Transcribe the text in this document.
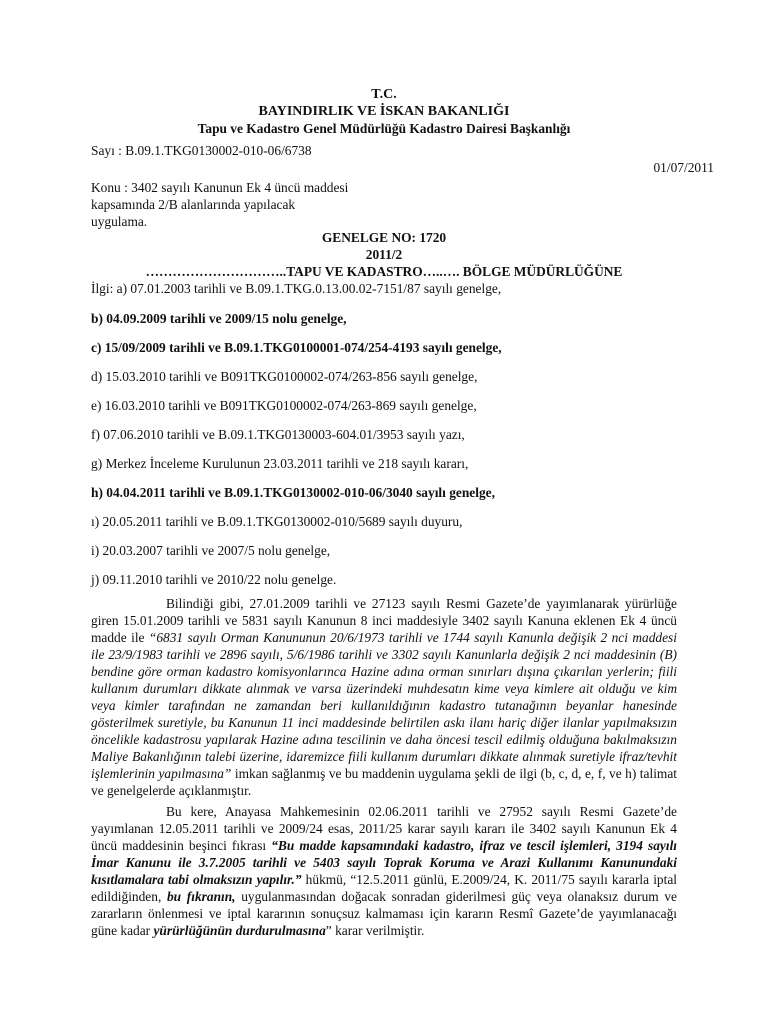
T.C.
BAYINDIRLIK VE İSKAN BAKANLIĞI
Tapu ve Kadastro Genel Müdürlüğü Kadastro Dairesi Başkanlığı
Sayı : B.09.1.TKG0130002-010-06/6738
01/07/2011
Konu : 3402 sayılı Kanunun Ek 4 üncü maddesi
kapsamında 2/B alanlarında yapılacak
uygulama.
GENELGE NO: 1720
2011/2
…………………………..TAPU VE KADASTRO…..…. BÖLGE MÜDÜRLÜĞÜNE
İlgi: a) 07.01.2003 tarihli ve B.09.1.TKG.0.13.00.02-7151/87 sayılı genelge,
b) 04.09.2009 tarihli ve 2009/15 nolu genelge,
c) 15/09/2009 tarihli ve B.09.1.TKG0100001-074/254-4193 sayılı genelge,
d) 15.03.2010 tarihli ve B091TKG0100002-074/263-856 sayılı genelge,
e) 16.03.2010 tarihli ve B091TKG0100002-074/263-869 sayılı genelge,
f) 07.06.2010 tarihli ve B.09.1.TKG0130003-604.01/3953 sayılı yazı,
g) Merkez İnceleme Kurulunun 23.03.2011 tarihli ve 218 sayılı kararı,
h) 04.04.2011 tarihli ve B.09.1.TKG0130002-010-06/3040 sayılı genelge,
ı) 20.05.2011 tarihli ve B.09.1.TKG0130002-010/5689 sayılı duyuru,
i) 20.03.2007 tarihli ve 2007/5 nolu genelge,
j) 09.11.2010 tarihli ve 2010/22 nolu genelge.

Bilindiği gibi, 27.01.2009 tarihli ve 27123 sayılı Resmi Gazete’de yayımlanarak yürürlüğe giren 15.01.2009 tarihli ve 5831 sayılı Kanunun 8 inci maddesiyle 3402 sayılı Kanuna eklenen Ek 4 üncü madde ile “6831 sayılı Orman Kanununun 20/6/1973 tarihli ve 1744 sayılı Kanunla değişik 2 nci maddesi ile 23/9/1983 tarihli ve 2896 sayılı, 5/6/1986 tarihli ve 3302 sayılı Kanunlarla değişik 2 nci maddesinin (B) bendine göre orman kadastro komisyonlarınca Hazine adına orman sınırları dışına çıkarılan yerlerin; fiili kullanım durumları dikkate alınmak ve varsa üzerindeki muhdesatın kime veya kimlere ait olduğu ve kim veya kimler tarafından ne zamandan beri kullanıldığının kadastro tutanağının beyanlar hanesinde gösterilmek suretiyle, bu Kanunun 11 inci maddesinde belirtilen askı ilanı hariç diğer ilanlar yapılmaksızın öncelikle kadastrosu yapılarak Hazine adına tescilinin ve daha öncesi tescil edilmiş olduğuna bakılmaksızın Maliye Bakanlığının talebi üzerine, idaremizce fiili kullanım durumları dikkate alınmak suretiyle ifraz/tevhit işlemlerinin yapılmasına” imkan sağlanmış ve bu maddenin uygulama şekli de ilgi (b, c, d, e, f, ve h) talimat ve genelgelerde açıklanmıştır.

Bu kere, Anayasa Mahkemesinin 02.06.2011 tarihli ve 27952 sayılı Resmi Gazete’de yayımlanan 12.05.2011 tarihli ve 2009/24 esas, 2011/25 karar sayılı kararı ile 3402 sayılı Kanunun Ek 4 üncü maddesinin beşinci fıkrası “Bu madde kapsamındaki kadastro, ifraz ve tescil işlemleri, 3194 sayılı İmar Kanunu ile 3.7.2005 tarihli ve 5403 sayılı Toprak Koruma ve Arazi Kullanımı Kanunundaki kısıtlamalara tabi olmaksızın yapılır.” hükmü, “12.5.2011 günlü, E.2009/24, K. 2011/75 sayılı kararla iptal edildiğinden, bu fıkranın, uygulanmasından doğacak sonradan giderilmesi güç veya olanaksız durum ve zararların önlenmesi ve iptal kararının sonuçsuz kalmaması için kararın Resmî Gazete’de yayımlanacağı güne kadar yürürlüğünün durdurulmasına” karar verilmiştir.
